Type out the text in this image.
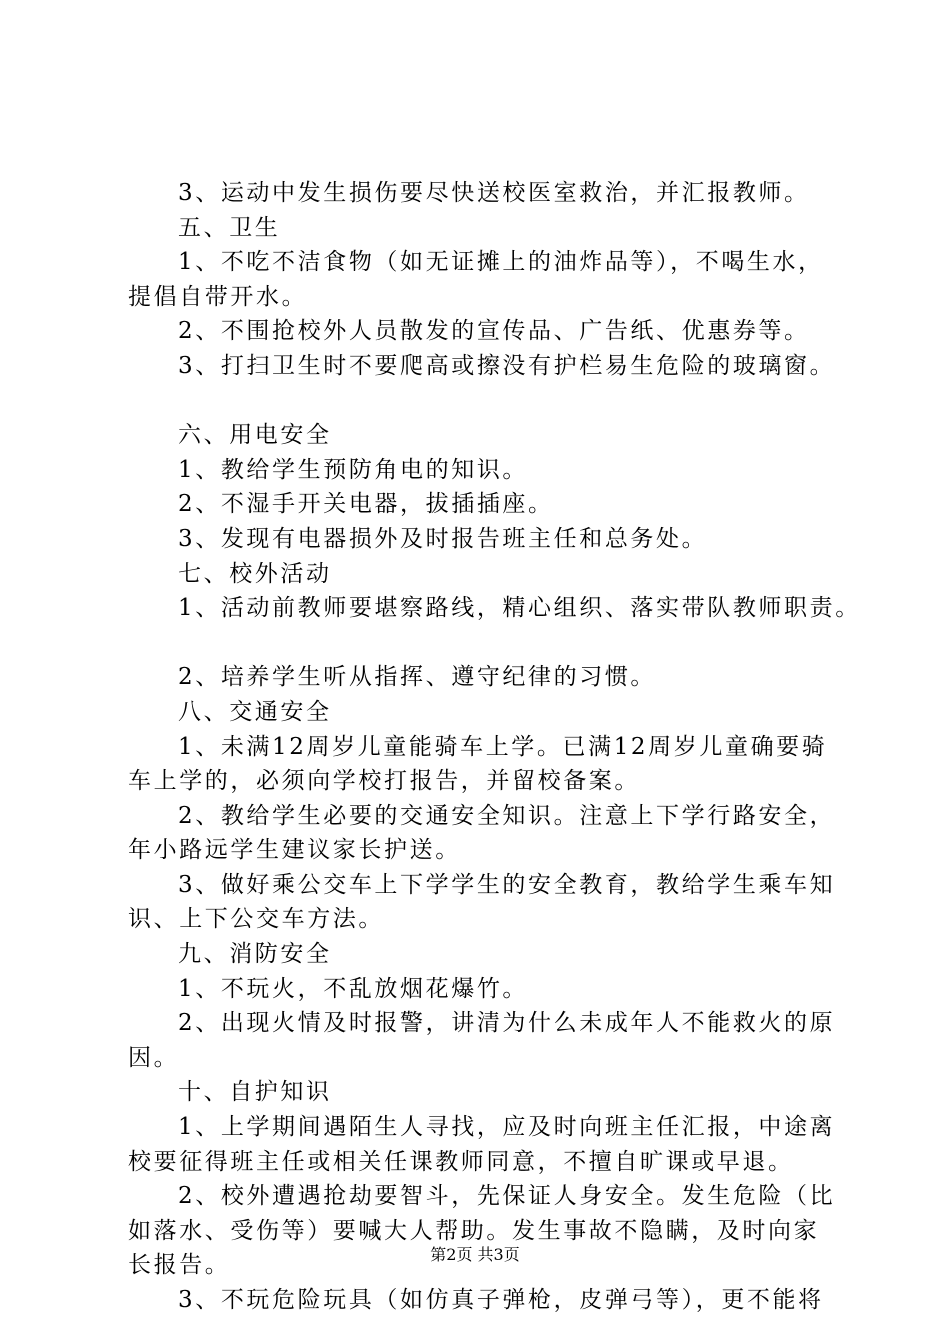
3、运动中发生损伤要尽快送校医室救治，并汇报教师。
五、卫生
1、不吃不洁食物（如无证摊上的油炸品等），不喝生水，
提倡自带开水。
2、不围抢校外人员散发的宣传品、广告纸、优惠券等。
3、打扫卫生时不要爬高或擦没有护栏易生危险的玻璃窗。
六、用电安全
1、教给学生预防角电的知识。
2、不湿手开关电器，拔插插座。
3、发现有电器损外及时报告班主任和总务处。
七、校外活动
1、活动前教师要堪察路线，精心组织、落实带队教师职责。
2、培养学生听从指挥、遵守纪律的习惯。
八、交通安全
1、未满12周岁儿童能骑车上学。已满12周岁儿童确要骑
车上学的，必须向学校打报告，并留校备案。
2、教给学生必要的交通安全知识。注意上下学行路安全，
年小路远学生建议家长护送。
3、做好乘公交车上下学学生的安全教育，教给学生乘车知
识、上下公交车方法。
九、消防安全
1、不玩火，不乱放烟花爆竹。
2、出现火情及时报警，讲清为什么未成年人不能救火的原
因。
十、自护知识
1、上学期间遇陌生人寻找，应及时向班主任汇报，中途离
校要征得班主任或相关任课教师同意，不擅自旷课或早退。
2、校外遭遇抢劫要智斗，先保证人身安全。发生危险（比
如落水、受伤等）要喊大人帮助。发生事故不隐瞒，及时向家
长报告。
3、不玩危险玩具（如仿真子弹枪，皮弹弓等），更不能将
第2页 共3页
